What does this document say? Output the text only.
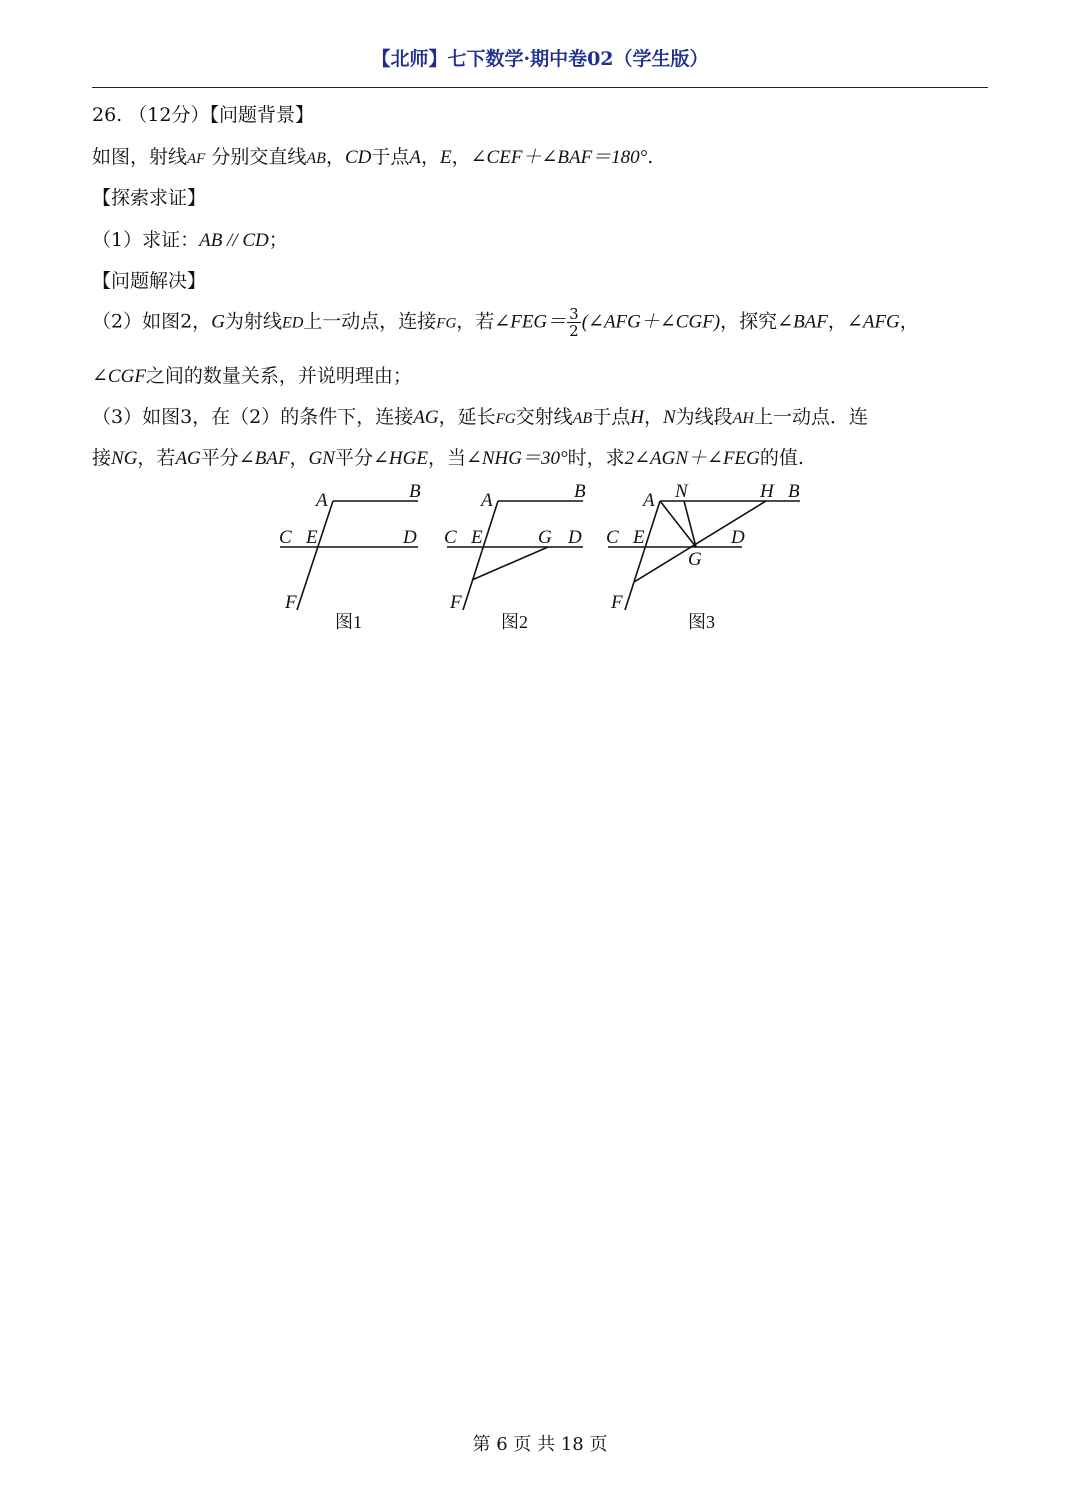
【北师】七下数学·期中卷02（学生版）
26. （12分）【问题背景】
如图，射线AF 分别交直线AB，CD于点A，E，∠CEF＋∠BAF＝180°.
【探索求证】
（1）求证：AB // CD；
【问题解决】
（2）如图2，G为射线ED上一动点，连接FG，若∠FEG＝ $\frac{3}{2}$ (∠AFG＋∠CGF)，探究∠BAF，∠AFG，
∠CGF之间的数量关系，并说明理由；
（3）如图3，在（2）的条件下，连接AG，延长FG交射线AB于点H，N为线段AH上一动点．连
接NG，若AG平分∠BAF，GN平分∠HGE，当∠NHG＝30°时，求2∠AGN＋∠FEG的值.
A	B
C E	D
F
A	B
C E	G D
F
A N	H B
C E	D
G
F
图1	图2	图3
第 6 页 共 18 页
